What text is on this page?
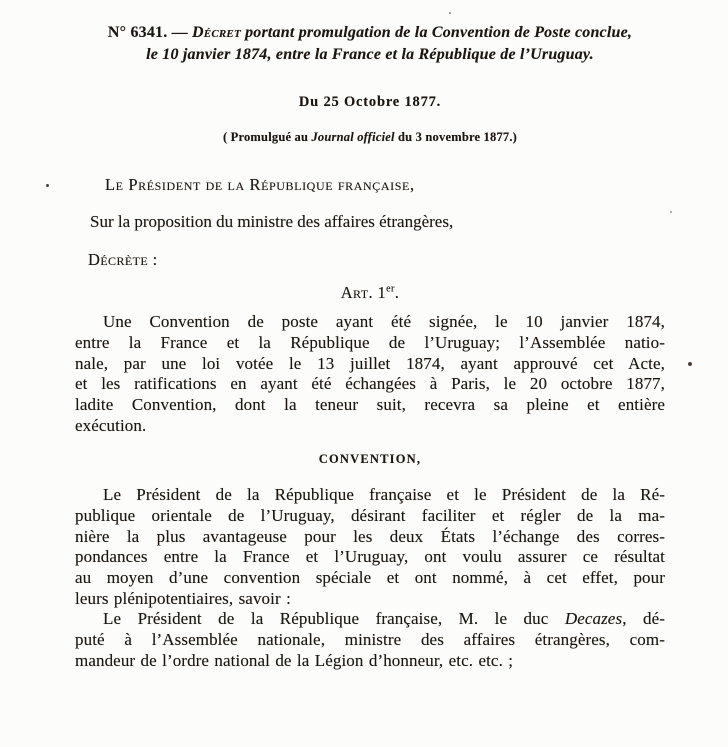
N° 6341. — Décret portant promulgation de la Convention de Poste conclue,
le 10 janvier 1874, entre la France et la République de l’Uruguay.
Du 25 Octobre 1877.
( Promulgué au Journal officiel du 3 novembre 1877.)
Le Président de la République française,
Sur la proposition du ministre des affaires étrangères,
Décrète :
Art. 1er.
Une Convention de poste ayant été signée, le 10 janvier 1874,
entre la France et la République de l’Uruguay; l’Assemblée natio-
nale, par une loi votée le 13 juillet 1874, ayant approuvé cet Acte,
et les ratifications en ayant été échangées à Paris, le 20 octobre 1877,
ladite Convention, dont la teneur suit, recevra sa pleine et entière
exécution.
CONVENTION,
Le Président de la République française et le Président de la Ré-
publique orientale de l’Uruguay, désirant faciliter et régler de la ma-
nière la plus avantageuse pour les deux États l’échange des corres-
pondances entre la France et l’Uruguay, ont voulu assurer ce résultat
au moyen d’une convention spéciale et ont nommé, à cet effet, pour
leurs plénipotentiaires, savoir :
Le Président de la République française, M. le duc Decazes, dé-
puté à l’Assemblée nationale, ministre des affaires étrangères, com-
mandeur de l’ordre national de la Légion d’honneur, etc. etc. ;
